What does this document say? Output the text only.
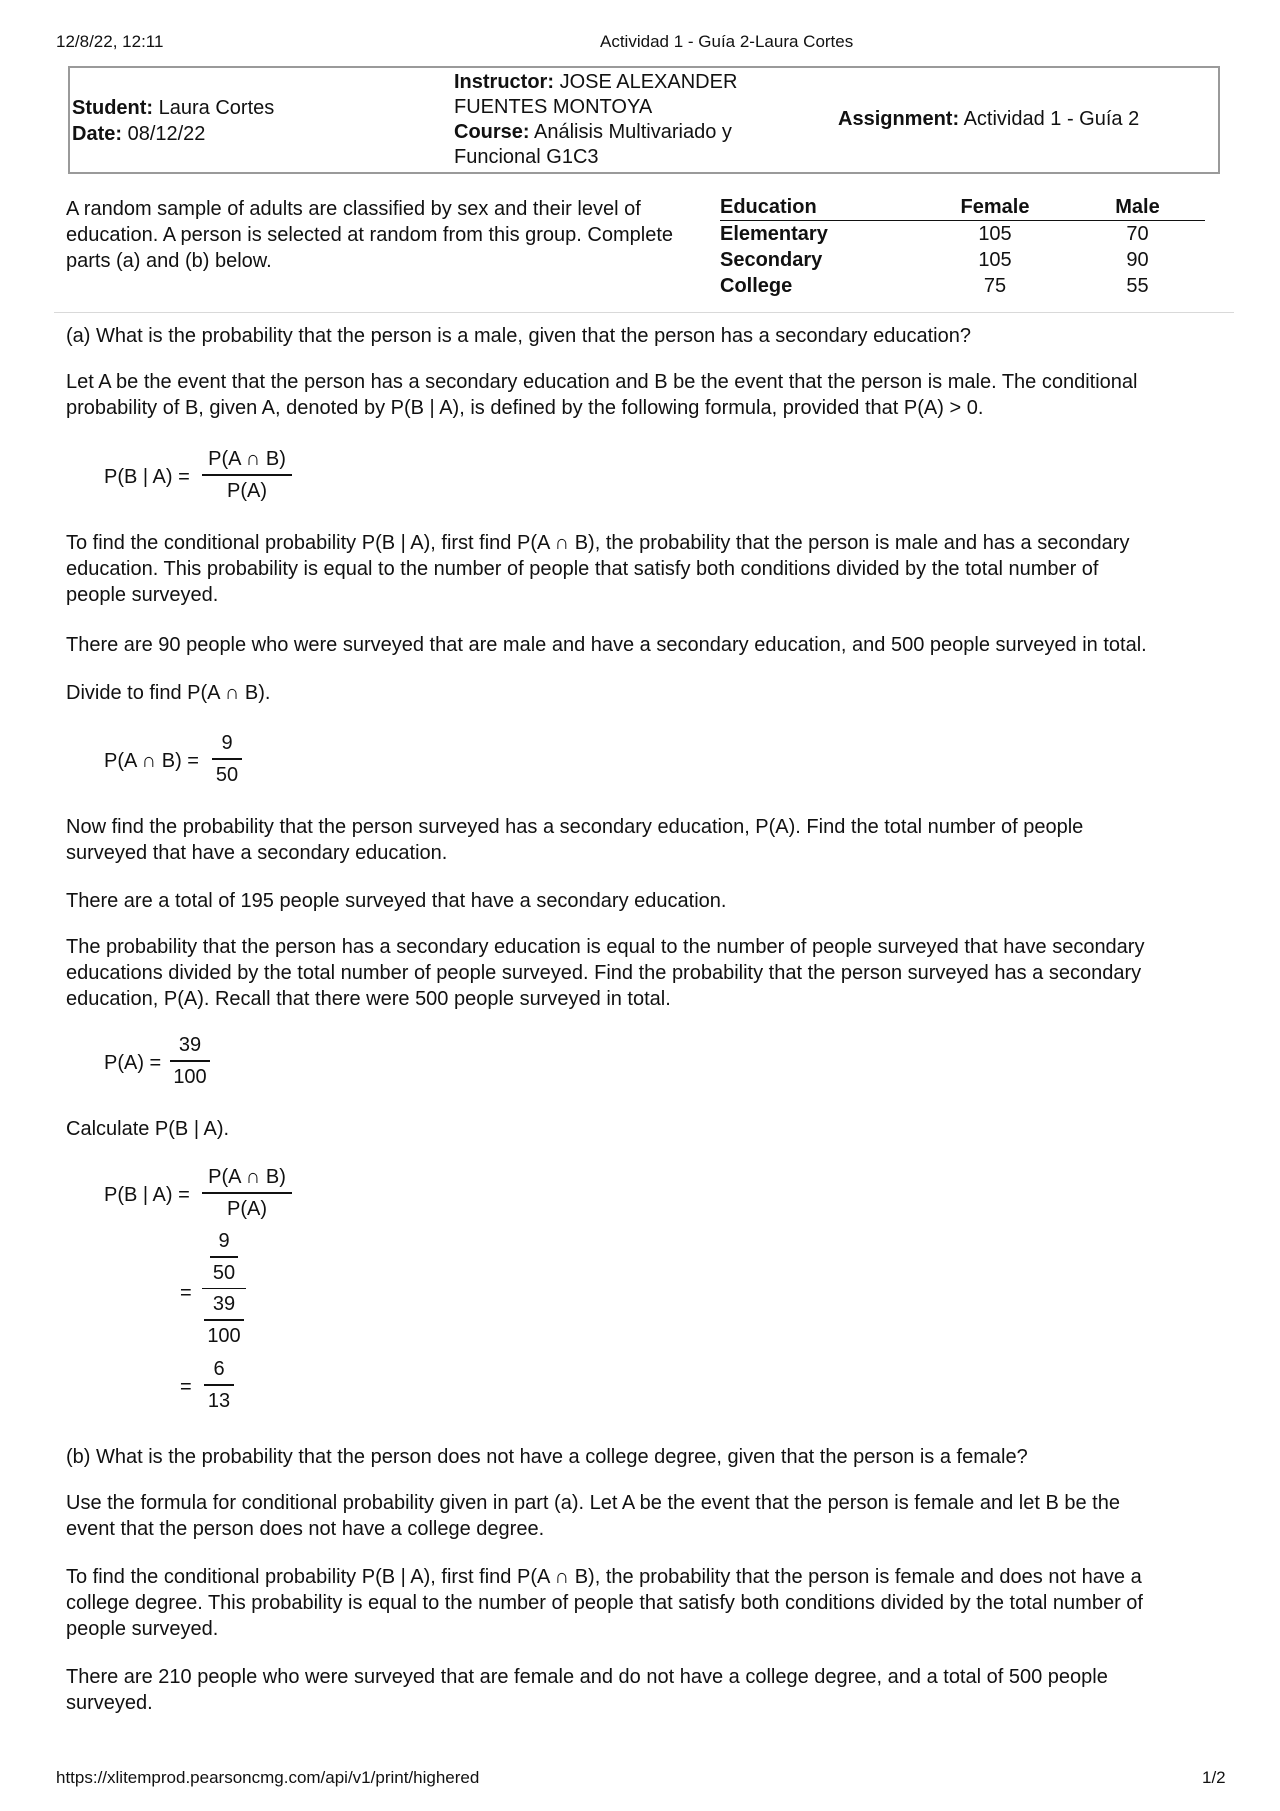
12/8/22, 12:11	Actividad 1 - Guía 2-Laura Cortes
Student: Laura Cortes
Date: 08/12/22
Instructor: JOSE ALEXANDER
FUENTES MONTOYA
Course: Análisis Multivariado y
Funcional G1C3
Assignment: Actividad 1 - Guía 2
A random sample of adults are classified by sex and their level of
education. A person is selected at random from this group. Complete
parts (a) and (b) below.
Education	Female	Male
Elementary	105	70
Secondary	105	90
College	75	55
(a) What is the probability that the person is a male, given that the person has a secondary education?
Let A be the event that the person has a secondary education and B be the event that the person is male. The conditional
probability of B, given A, denoted by P(B | A), is defined by the following formula, provided that P(A) > 0.
P(B | A) =
P(A ∩ B)
P(A)
To find the conditional probability P(B | A), first find P(A ∩ B), the probability that the person is male and has a secondary
education. This probability is equal to the number of people that satisfy both conditions divided by the total number of
people surveyed.
There are 90 people who were surveyed that are male and have a secondary education, and 500 people surveyed in total.
Divide to find P(A ∩ B).
P(A ∩ B) =
9
50
Now find the probability that the person surveyed has a secondary education, P(A). Find the total number of people
surveyed that have a secondary education.
There are a total of 195 people surveyed that have a secondary education.
The probability that the person has a secondary education is equal to the number of people surveyed that have secondary
educations divided by the total number of people surveyed. Find the probability that the person surveyed has a secondary
education, P(A). Recall that there were 500 people surveyed in total.
P(A) =
39
100
Calculate P(B | A).
P(B | A) =
P(A ∩ B)
P(A)
=
9
50
39
100
=
6
13
(b) What is the probability that the person does not have a college degree, given that the person is a female?
Use the formula for conditional probability given in part (a). Let A be the event that the person is female and let B be the
event that the person does not have a college degree.
To find the conditional probability P(B | A), first find P(A ∩ B), the probability that the person is female and does not have a
college degree. This probability is equal to the number of people that satisfy both conditions divided by the total number of
people surveyed.
There are 210 people who were surveyed that are female and do not have a college degree, and a total of 500 people
surveyed.
https://xlitemprod.pearsoncmg.com/api/v1/print/highered	1/2
